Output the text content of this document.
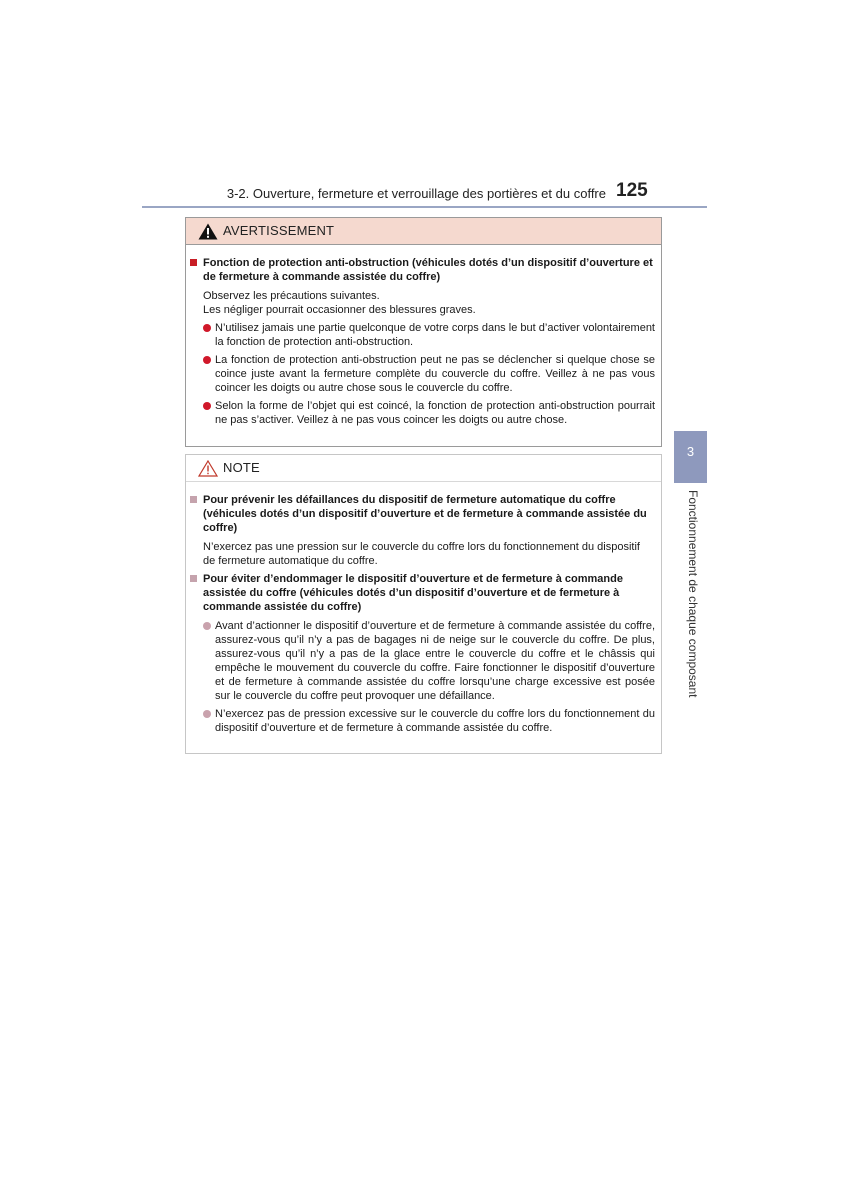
3-2. Ouverture, fermeture et verrouillage des portières et du coffre 125
AVERTISSEMENT
Fonction de protection anti-obstruction (véhicules dotés d’un dispositif d’ouverture et de fermeture à commande assistée du coffre)
Observez les précautions suivantes.
Les négliger pourrait occasionner des blessures graves.
N’utilisez jamais une partie quelconque de votre corps dans le but d’activer volontairement la fonction de protection anti-obstruction.
La fonction de protection anti-obstruction peut ne pas se déclencher si quelque chose se coince juste avant la fermeture complète du couvercle du coffre. Veillez à ne pas vous coincer les doigts ou autre chose sous le couvercle du coffre.
Selon la forme de l’objet qui est coincé, la fonction de protection anti-obstruction pourrait ne pas s’activer. Veillez à ne pas vous coincer les doigts ou autre chose.
NOTE
Pour prévenir les défaillances du dispositif de fermeture automatique du coffre (véhicules dotés d’un dispositif d’ouverture et de fermeture à commande assistée du coffre)
N’exercez pas une pression sur le couvercle du coffre lors du fonctionnement du dispositif de fermeture automatique du coffre.
Pour éviter d’endommager le dispositif d’ouverture et de fermeture à commande assistée du coffre (véhicules dotés d’un dispositif d’ouverture et de fermeture à commande assistée du coffre)
Avant d’actionner le dispositif d’ouverture et de fermeture à commande assistée du coffre, assurez-vous qu’il n’y a pas de bagages ni de neige sur le couvercle du coffre. De plus, assurez-vous qu’il n’y a pas de la glace entre le couvercle du coffre et le châssis qui empêche le mouvement du couvercle du coffre. Faire fonctionner le dispositif d’ouverture et de fermeture à commande assistée du coffre lorsqu’une charge excessive est posée sur le couvercle du coffre peut provoquer une défaillance.
N’exercez pas de pression excessive sur le couvercle du coffre lors du fonctionnement du dispositif d’ouverture et de fermeture à commande assistée du coffre.
3
Fonctionnement de chaque composant
